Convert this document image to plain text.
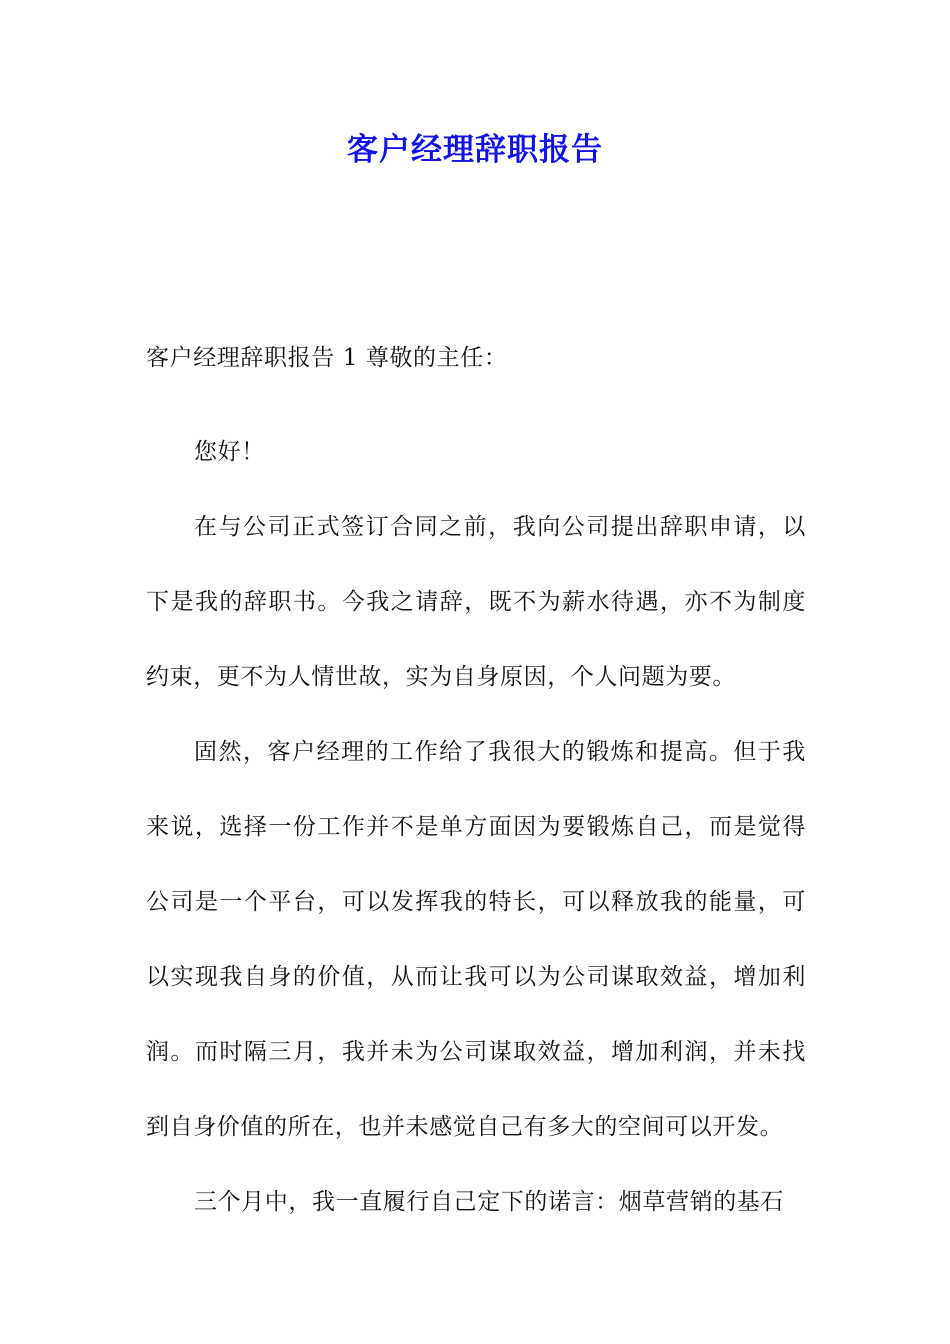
客户经理辞职报告

客户经理辞职报告 1 尊敬的主任：

您好！

在与公司正式签订合同之前，我向公司提出辞职申请，以下是我的辞职书。今我之请辞，既不为薪水待遇，亦不为制度约束，更不为人情世故，实为自身原因，个人问题为要。

固然，客户经理的工作给了我很大的锻炼和提高。但于我来说，选择一份工作并不是单方面因为要锻炼自己，而是觉得公司是一个平台，可以发挥我的特长，可以释放我的能量，可以实现我自身的价值，从而让我可以为公司谋取效益，增加利润。而时隔三月，我并未为公司谋取效益，增加利润，并未找到自身价值的所在，也并未感觉自己有多大的空间可以开发。

三个月中，我一直履行自己定下的诺言：烟草营销的基石
